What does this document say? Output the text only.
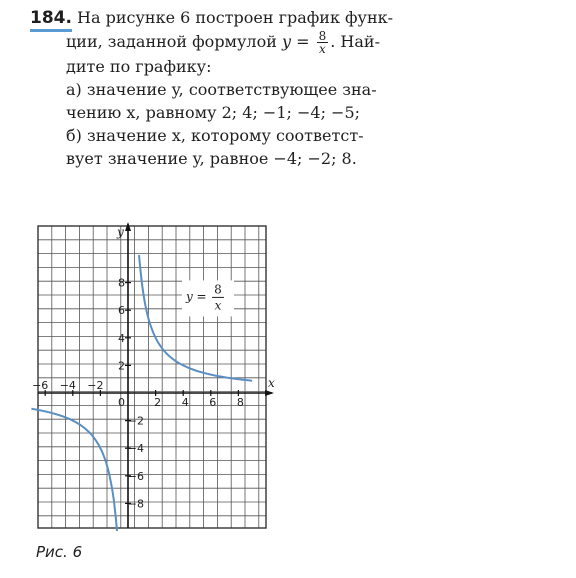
184. На рисунке 6 построен график функ-
ции, заданной формулой $y = \frac{8}{x}$ . Най-
дите по графику:
а) значение y, соответствующее зна-
чению x, равному 2; 4; −1; −4; −5;
б) значение x, которому соответст-
вует значение y, равное −4; −2; 8.
x
y
0
−6 −4 −2
2 4 6 8
8
6
4
2
−2
−4
−6
−8
y = 8
x
Рис. 6
